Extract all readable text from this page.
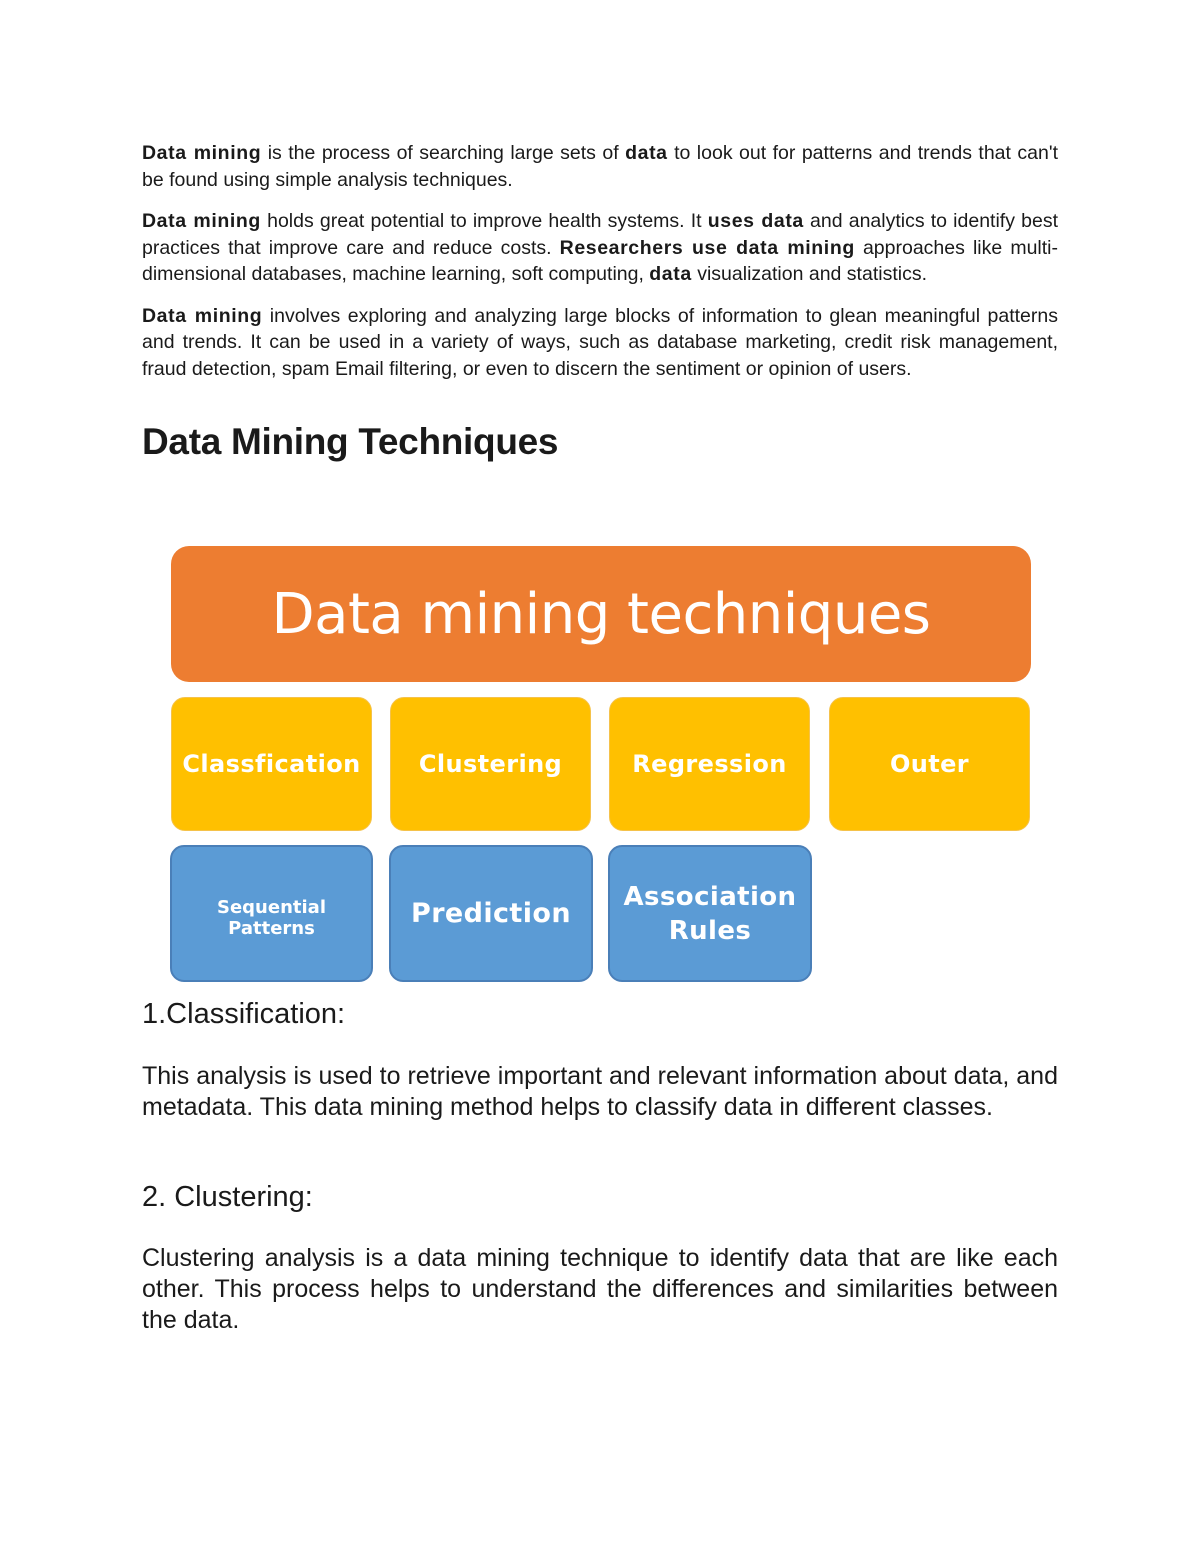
Data mining is the process of searching large sets of data to look out for patterns and trends that can't be found using simple analysis techniques.

Data mining holds great potential to improve health systems. It uses data and analytics to identify best practices that improve care and reduce costs. Researchers use data mining approaches like multi-dimensional databases, machine learning, soft computing, data visualization and statistics.

Data mining involves exploring and analyzing large blocks of information to glean meaningful patterns and trends. It can be used in a variety of ways, such as database marketing, credit risk management, fraud detection, spam Email filtering, or even to discern the sentiment or opinion of users.

Data Mining Techniques
Data mining techniques
Classfication	Clustering	Regression	Outer
Sequential Patterns	Prediction
Association Rules
1.Classification:
This analysis is used to retrieve important and relevant information about data, and metadata. This data mining method helps to classify data in different classes.
2. Clustering:
Clustering analysis is a data mining technique to identify data that are like each other. This process helps to understand the differences and similarities between the data.
